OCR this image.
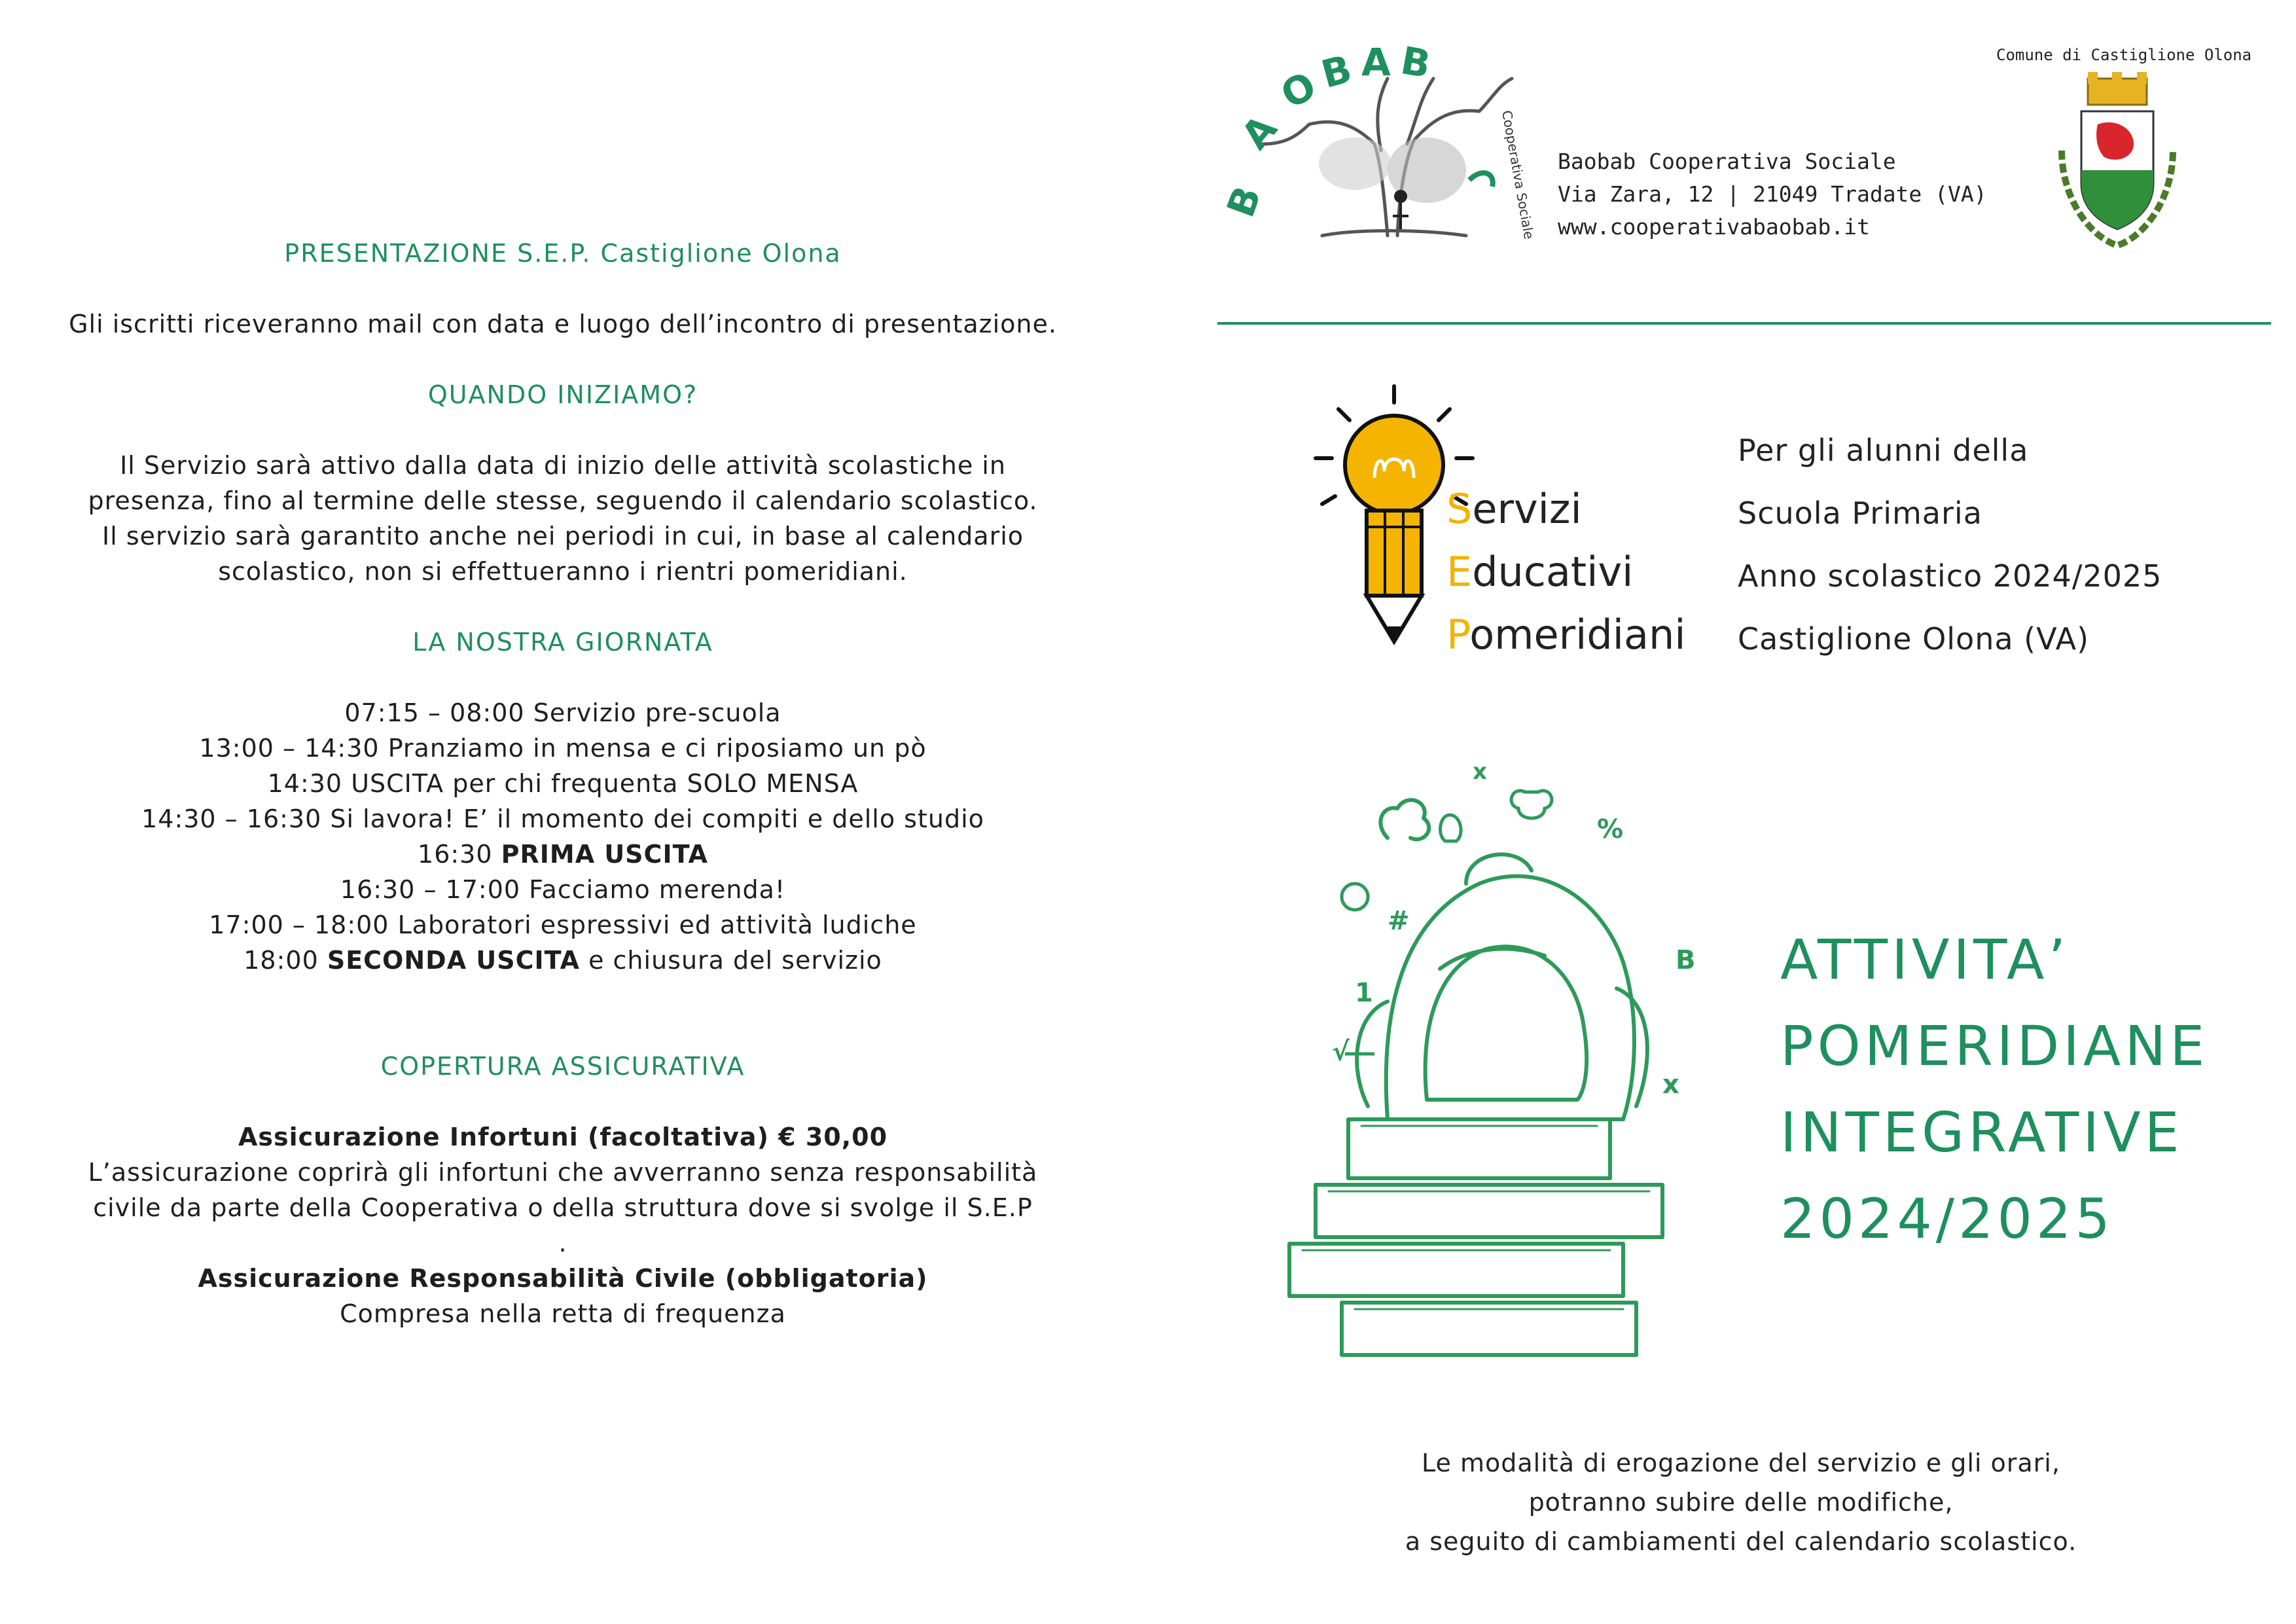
PRESENTAZIONE S.E.P. Castiglione Olona

Gli iscritti riceveranno mail con data e luogo dell’incontro di presentazione.

QUANDO INIZIAMO?

Il Servizio sarà attivo dalla data di inizio delle attività scolastiche in

presenza, fino al termine delle stesse, seguendo il calendario scolastico.

Il servizio sarà garantito anche nei periodi in cui, in base al calendario

scolastico, non si effettueranno i rientri pomeridiani.

LA NOSTRA GIORNATA

07:15 – 08:00 Servizio pre-scuola

13:00 – 14:30 Pranziamo in mensa e ci riposiamo un pò

14:30 USCITA per chi frequenta SOLO MENSA

14:30 – 16:30 Si lavora! E’ il momento dei compiti e dello studio

16:30 PRIMA USCITA

16:30 – 17:00 Facciamo merenda!

17:00 – 18:00 Laboratori espressivi ed attività ludiche

18:00 SECONDA USCITA e chiusura del servizio

COPERTURA ASSICURATIVA

Assicurazione Infortuni (facoltativa) € 30,00

L’assicurazione coprirà gli infortuni che avverranno senza responsabilità

civile da parte della Cooperativa o della struttura dove si svolge il S.E.P

.

Assicurazione Responsabilità Civile (obbligatoria)

Compresa nella retta di frequenza

B
A
O
B A B
Cooperativa Sociale Baobab Cooperativa Sociale
Via Zara, 12 | 21049 Tradate (VA)
www.cooperativabaobab.it
Comune di Castiglione Olona
Servizi
Educativi
Pomeridiani
Per gli alunni della
Scuola Primaria
Anno scolastico 2024/2025
Castiglione Olona (VA)
x
%
#
B
1
x
√
ATTIVITA’
POMERIDIANE
INTEGRATIVE
2024/2025
Le modalità di erogazione del servizio e gli orari,
potranno subire delle modifiche,
a seguito di cambiamenti del calendario scolastico.
